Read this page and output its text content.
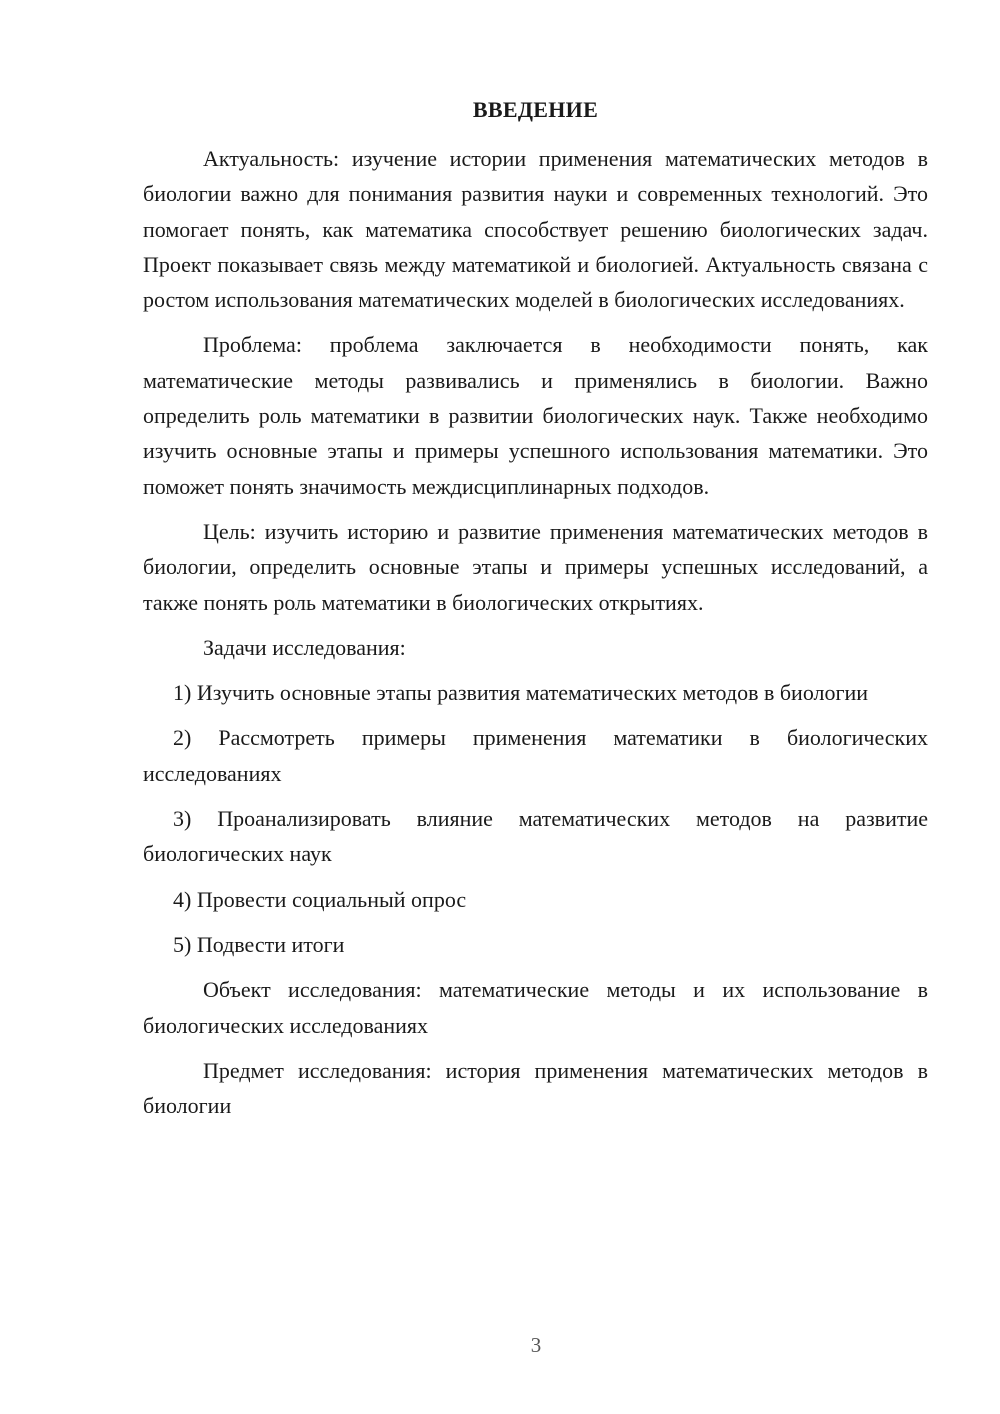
ВВЕДЕНИЕ

Актуальность: изучение истории применения математических методов в биологии важно для понимания развития науки и современных технологий. Это помогает понять, как математика способствует решению биологических задач. Проект показывает связь между математикой и биологией. Актуальность связана с ростом использования математических моделей в биологических исследованиях.

Проблема: проблема заключается в необходимости понять, как математические методы развивались и применялись в биологии. Важно определить роль математики в развитии биологических наук. Также необходимо изучить основные этапы и примеры успешного использования математики. Это поможет понять значимость междисциплинарных подходов.

Цель: изучить историю и развитие применения математических методов в биологии, определить основные этапы и примеры успешных исследований, а также понять роль математики в биологических открытиях.

Задачи исследования:

1) Изучить основные этапы развития математических методов в биологии

2) Рассмотреть примеры применения математики в биологических исследованиях

3) Проанализировать влияние математических методов на развитие биологических наук

4) Провести социальный опрос

5) Подвести итоги

Объект исследования: математические методы и их использование в биологических исследованиях

Предмет исследования: история применения математических методов в биологии

3
